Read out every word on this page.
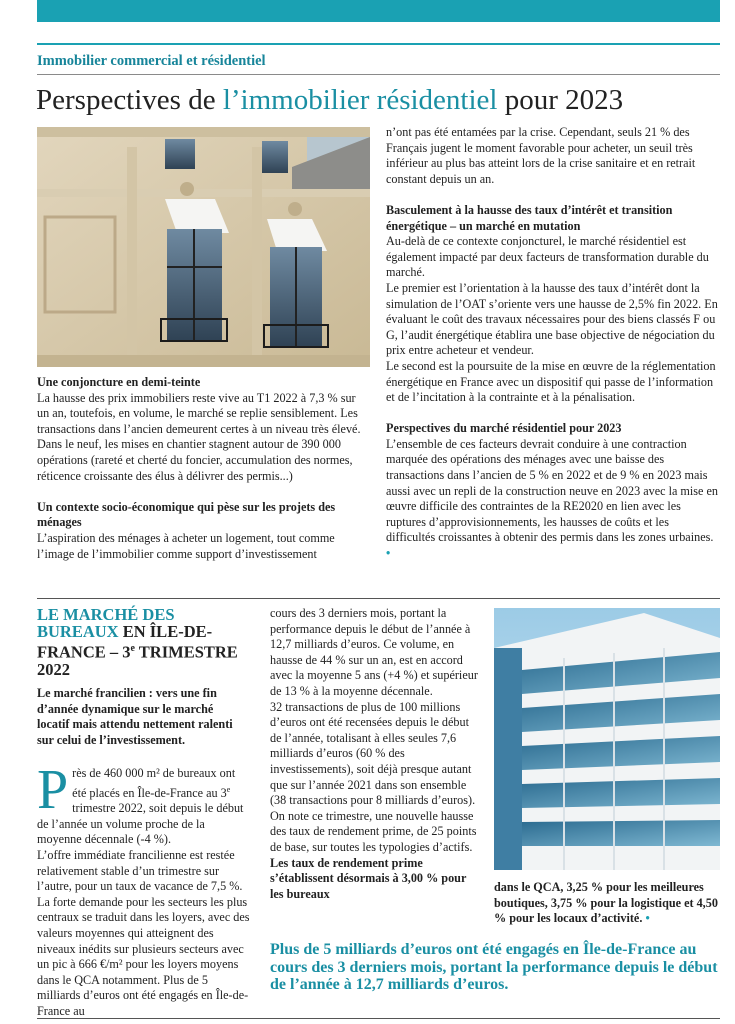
Immobilier commercial et résidentiel
Perspectives de l’immobilier résidentiel pour 2023

Une conjoncture en demi-teinte

La hausse des prix immobiliers reste vive au T1 2022 à 7,3 % sur un an, toutefois, en volume, le marché se replie sensiblement. Les transactions dans l’ancien demeurent certes à un niveau très élevé. Dans le neuf, les mises en chantier stagnent autour de 390 000 opérations (rareté et cherté du foncier, accumulation des normes, réticence croissante des élus à délivrer des permis...)

Un contexte socio-économique qui pèse sur les projets des ménages

L’aspiration des ménages à acheter un logement, tout comme l’image de l’immobilier comme support d’investissement

n’ont pas été entamées par la crise. Cependant, seuls 21 % des Français jugent le moment favorable pour acheter, un seuil très inférieur au plus bas atteint lors de la crise sanitaire et en retrait constant depuis un an.

Basculement à la hausse des taux d’intérêt et transition énergétique – un marché en mutation

Au-delà de ce contexte conjoncturel, le marché résidentiel est également impacté par deux facteurs de transformation durable du marché.

Le premier est l’orientation à la hausse des taux d’intérêt dont la simulation de l’OAT s’oriente vers une hausse de 2,5% fin 2022. En évaluant le coût des travaux nécessaires pour des biens classés F ou G, l’audit énergétique établira une base objective de négociation du prix entre acheteur et vendeur.

Le second est la poursuite de la mise en œuvre de la réglementation énergétique en France avec un dispositif qui passe de l’information et de l’incitation à la contrainte et à la pénalisation.

Perspectives du marché résidentiel pour 2023

L’ensemble de ces facteurs devrait conduire à une contraction marquée des opérations des ménages avec une baisse des transactions dans l’ancien de 5 % en 2022 et de 9 % en 2023 mais aussi avec un repli de la construction neuve en 2023 avec la mise en œuvre difficile des contraintes de la RE2020 en lien avec les ruptures d’approvisionnements, les hausses de coûts et les difficultés croissantes à obtenir des permis dans les zones urbaines. •

LE MARCHÉ DES BUREAUX EN ÎLE-DE-FRANCE – 3e TRIMESTRE 2022
Le marché francilien : vers une fin d’année dynamique sur le marché locatif mais attendu nettement ralenti sur celui de l’investissement.

Près de 460 000 m² de bureaux ont été placés en Île-de-France au 3e trimestre 2022, soit depuis le début de l’année un volume proche de la moyenne décennale (-4 %).

L’offre immédiate francilienne est restée relativement stable d’un trimestre sur l’autre, pour un taux de vacance de 7,5 %.

La forte demande pour les secteurs les plus centraux se traduit dans les loyers, avec des valeurs moyennes qui atteignent des niveaux inédits sur plusieurs secteurs avec un pic à 666 €/m² pour les loyers moyens dans le QCA notamment. Plus de 5 milliards d’euros ont été engagés en Île-de-France au

cours des 3 derniers mois, portant la performance depuis le début de l’année à 12,7 milliards d’euros. Ce volume, en hausse de 44 % sur un an, est en accord avec la moyenne 5 ans (+4 %) et supérieur de 13 % à la moyenne décennale.

32 transactions de plus de 100 millions d’euros ont été recensées depuis le début de l’année, totalisant à elles seules 7,6 milliards d’euros (60 % des investissements), soit déjà presque autant que sur l’année 2021 dans son ensemble (38 transactions pour 8 milliards d’euros).

On note ce trimestre, une nouvelle hausse des taux de rendement prime, de 25 points de base, sur toutes les typologies d’actifs. Les taux de rendement prime s’établissent désormais à 3,00 % pour les bureaux	dans le QCA, 3,25 % pour les meilleures boutiques, 3,75 % pour la logistique et 4,50 % pour les locaux d’activité. •

Plus de 5 milliards d’euros ont été engagés en Île-de-France au cours des 3 derniers mois, portant la performance depuis le début de l’année à 12,7 milliards d’euros.
